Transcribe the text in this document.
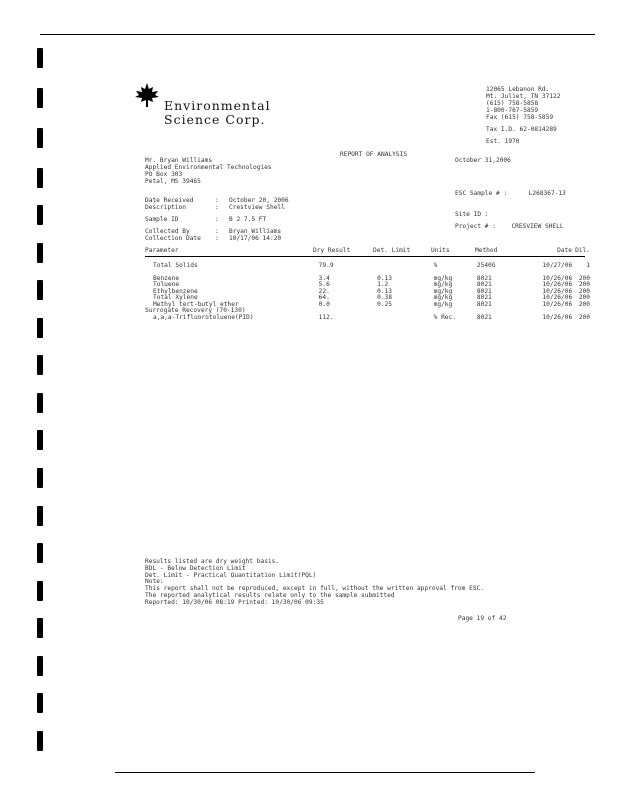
Environmental
Science Corp.
12065 Lebanon Rd.
Mt. Juliet, TN 37122
(615) 758-5858
1-800-767-5859
Fax (615) 758-5859
Tax I.D. 62-0814289
Est. 1970
REPORT OF ANALYSIS
October 31,2006
Mr. Bryan Williams
Applied Environmental Technologies
PO Box 303
Petal, MS 39465
ESC Sample # :	L268367-13
Date Received	: October 20, 2006
Description	: Crestview Shell
Sample ID	: B 2 7.5 FT
Collected By	: Bryan Williams
Collection Date : 10/17/06 14:20
Site ID :
Project # : CRESVIEW SHELL
Parameter	Dry Result	Det. Limit	Units	Method	Date	Dil.
Total Solids	79.9		%	2540G	10/27/06	1

Benzene	3.4	0.13	mg/kg	8021	10/26/06	200
Toluene	5.6	1.2	mg/kg	8021	10/26/06	200
Ethylbenzene	22.	0.13	mg/kg	8021	10/26/06	200
Total Xylene	64.	0.38	mg/kg	8021	10/26/06	200
Methyl tert-butyl ether	0.0	0.25	mg/kg	8021	10/26/06	200
Surrogate Recovery (70-130)						
a,a,a-Trifluorotoluene(PID)	112.		% Rec.	8021	10/26/06	200
Results listed are dry weight basis.
BDL - Below Detection Limit
Det. Limit - Practical Quantitation Limit(PQL)
Note:
This report shall not be reproduced, except in full, without the written approval from ESC.
The reported analytical results relate only to the sample submitted
Reported: 10/30/06 08:19 Printed: 10/30/06 09:35
Page 19 of 42
